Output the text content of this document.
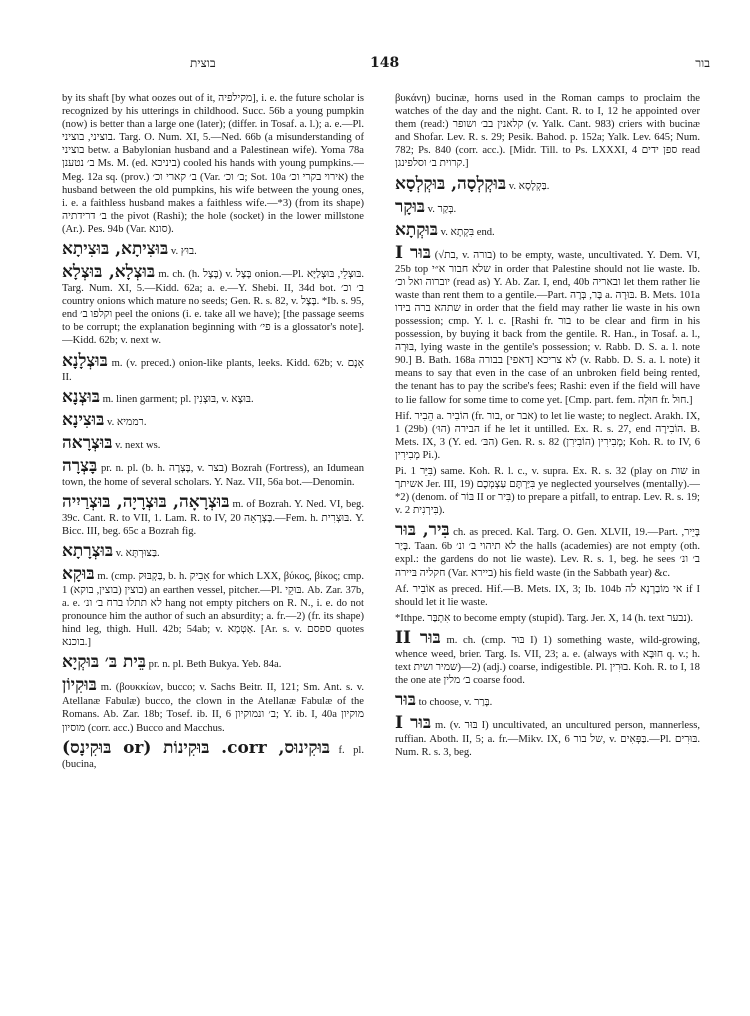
בוצית	148	בור

by its shaft [by what oozes out of it, מקילפיה], i. e. the future scholar is recognized by his utterings in childhood. Succ. 56b a young pumpkin (now) is better than a large one (later); (differ. in Tosaf. a. l.); a. e.—Pl. בוציני, בוציני. Targ. O. Num. XI, 5.—Ned. 66b (a misunderstanding of בוציני betw. a Babylonian husband and a Palestinean wife). Yoma 78a ב׳ נטענן Ms. M. (ed. ביניכא) cooled his hands with young pumpkins.—Meg. 12a sq. (prov.) ב׳ קארי וכ׳ (Var. ב׳ וכ׳; Sot. 10a אירוי בקרי וכ׳) the husband between the old pumpkins, his wife between the young ones, i. e. a faithless husband makes a faithless wife.—*3) (from its shape) ב׳ דרידתיה the pivot (Rashi); the hole (socket) in the lower millstone (Ar.). Pes. 94b (Var. סונא).

בּוּצִיתָא, בּוּצִיתָא v. בוּץ.

בּוּצְלָא, בּוּצְלָא m. ch. (h. בָּצָל) v. בָּצָל onion.—Pl. בּוּצְלֵי, בּוּצְלַיָּא. Targ. Num. XI, 5.—Kidd. 62a; a. e.—Y. Shebi. II, 34d bot. ב׳ וכ׳ country onions which mature no seeds; Gen. R. s. 82, v. בָּצָל. *Ib. s. 95, end וקלפו ב׳ peel the onions (i. e. take all we have); [the passage seems to be corrupt; the explanation beginning with פי׳ is a glossator's note].—Kidd. 62b; v. next w.

בּוּצְלָנָא m. (v. preced.) onion-like plants, leeks. Kidd. 62b; v. אָנָם II.

בּוּצְנָא m. linen garment; pl. בּוּצְנִין, v. בּוּצָא.

בּוּצִינָא v. רממיא.

בּוּצְרָאה v. next ws.

בָּצְרָה pr. n. pl. (b. h. בָּצְרָה, v. בצר) Bozrah (Fortress), an Idumean town, the home of several scholars. Y. Naz. VII, 56a bot.—Denomin.

בּוּצְרָאָה, בּוּצְרָיָה, בּוּצְרַיִיה m. of Bozrah. Y. Ned. VI, beg. 39c. Cant. R. to VII, 1. Lam. R. to IV, 20 בָּצְרָאָה.—Fem. h. בּוּצְרִית. Y. Bicc. III, beg. 65c a Bozrah fig.

בּוּצְרָתָא v. בַּצּוּרְתָּא.

בּוּקָא m. (cmp. בַּקְבּוּק, b. h. אָבִיק for which LXX, βύκος, βίκος; cmp. בוצין (בוצין, בוקא) 1) an earthen vessel, pitcher.—Pl. בּוּקֵי. Ab. Zar. 37b, a. e. לא תתלו ברח ב׳ ונ׳ hang not empty pitchers on R. N., i. e. do not pronounce him the author of such an absurdity; a. fr.—2) (fr. its shape) hind leg, thigh. Hull. 42b; 54ab; v. אַטְמָא. [Ar. s. v. ספסם quotes בוכנא.]

בֵּית בּ׳ בּוּקְיָא pr. n. pl. Beth Bukya. Yeb. 84a.

בּוּקִיוֹן m. (βουκκίων, bucco; v. Sachs Beitr. II, 121; Sm. Ant. s. v. Atellanæ Fabulæ) bucco, the clown in the Atellanæ Fabulæ of the Romans. Ab. Zar. 18b; Tosef. ib. II, 6 ב׳ ונמוקיון; Y. ib. I, 40a מוקיון מוסיון (corr. acc.) Bucco and Macchus.

בּוּקִינוּס, corr. בּוּקִינוֹת (or בּוּקִינָס) f. pl. (bucina,

βυκάνη) bucinæ, horns used in the Roman camps to proclaim the watches of the day and the night. Cant. R. to I, 12 he appointed over them (read:) קלאנין בב׳ ושופר (v. Yalk. Cant. 983) criers with bucinæ and Shofar. Lev. R. s. 29; Pesik. Bahod. p. 152a; Yalk. Lev. 645; Num. 782; Ps. 840 (corr. acc.). [Midr. Till. to Ps. LXXXI, 4 ספן ידים read קרוית ב׳ וסלפינגן.]

בּוּקְלְסָה, בּוּקְלְסָא v. בַּקְלָסָא.

בּוּקָר v. בְּקַר.

בּוּקְתָא v. בִּקְתָא end.

בּוּר I (√בת, v. בורה) to be empty, waste, uncultivated. Y. Dem. VI, 25b top שלא חבור א״י in order that Palestine should not lie waste. Ib. יוברוה ואל וכ׳ (read as) Y. Ab. Zar. I, end, 40b ובאריה let them rather lie waste than rent them to a gentile.—Part. בָּר, בְּרָה a. בּוּרָה. B. Mets. 101a שתהא ברה בידו in order that the field may rather lie waste in his own possession; cmp. Y. l. c. [Rashi fr. בור to be clear and firm in his possession, by buying it back from the gentile. R. Han., in Tosaf. a. l., בּוּרָה, lying waste in the gentile's possession; v. Rabb. D. S. a. l. note 90.] B. Bath. 168a לא צריכא [דאפי] בבורה (v. Rabb. D. S. a. l. note) it means to say that even in the case of an unbroken field being rented, the tenant has to pay the scribe's fees; Rashi: even if the field will have to lie fallow for some time to come yet. [Cmp. part. fem. חוּלָה fr. חוּל.]

Hif. הֵבִיר a. הוֹבִיר (fr. בור, or אבר) to let lie waste; to neglect. Arakh. IX, 1 (29b) הבירה (הוּ׳) if he let it untilled. Ex. R. s. 27, end הוֹבִירָה. B. Mets. IX, 3 (Y. ed. הבּ׳) Gen. R. s. 82 מְבִירִין (הוֹבִירִן); Koh. R. to IV, 6 מְבִירִין Pi.).

Pi. בִּיֵּר 1) same. Koh. R. l. c., v. supra. Ex. R. s. 32 (play on שות in אשיתך Jer. III, 19) בִּיַּרְתֶּם עַצְמְכֶם ye neglected yourselves (mentally).—*2) (denom. of בּוֹר II or בִּיר) to prepare a pitfall, to entrap. Lev. R. s. 19; v. בִּירְנִית 2).

בִּיר, בּוּר ch. as preced. Kal. Targ. O. Gen. XLVII, 19.—Part. בָּיֵיר, בָּיַר. Taan. 6b לא תיהוי ב׳ ונ׳ the halls (academies) are not empty (oth. expl.: the gardens do not lie waste). Lev. R. s. 1, beg. he sees ב׳ ונ׳ חקליה בּיירה (Var. ביירא) his field waste (in the Sabbath year) &c.

Af. אוֹבִיר as preced. Hif.—B. Mets. IX, 3; Ib. 104b אי מוֹבַרְנָא לה if I should let it lie waste.

*Ithpe. אִתְבַּר to become empty (stupid). Targ. Jer. X, 14 (h. text נבער).

בּוּר II m. ch. (cmp. בּוּר I) 1) something waste, wild-growing, whence weed, brier. Targ. Is. VII, 23; a. e. (always with חוּבָּא q. v.; h. text שמיר ושית)—2) (adj.) coarse, indigestible. Pl. בוּרִין. Koh. R. to I, 18 the one ate ב׳ מלין coarse food.

בּוּר to choose, v. בָּרַר.

בּוּר I m. (v. בּוּר I) uncultivated, an uncultured person, mannerless, ruffian. Aboth. II, 5; a. fr.—Mikv. IX, 6 של בור, v. בַּפְּאִים.—Pl. בּוּרִים. Num. R. s. 3, beg.
